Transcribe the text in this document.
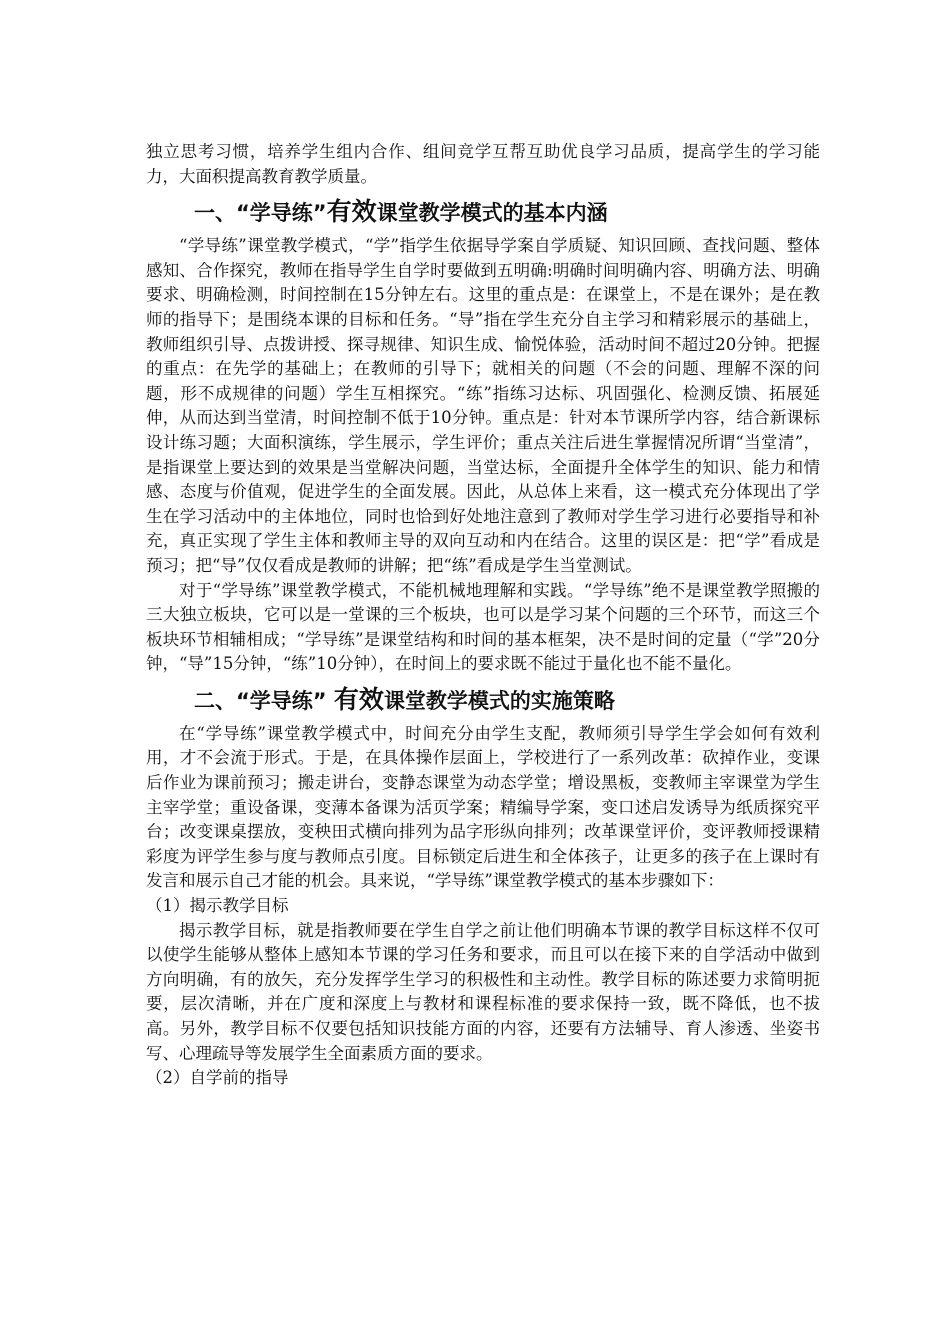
独立思考习惯，培养学生组内合作、组间竞学互帮互助优良学习品质，提高学生的学习能力，大面积提高教育教学质量。

一、“学导练”有效课堂教学模式的基本内涵

“学导练”课堂教学模式，“学”指学生依据导学案自学质疑、知识回顾、查找问题、整体感知、合作探究，教师在指导学生自学时要做到五明确:明确时间明确内容、明确方法、明确要求、明确检测，时间控制在15分钟左右。这里的重点是：在课堂上，不是在课外；是在教师的指导下；是围绕本课的目标和任务。“导”指在学生充分自主学习和精彩展示的基础上，教师组织引导、点拨讲授、探寻规律、知识生成、愉悦体验，活动时间不超过20分钟。把握的重点：在先学的基础上；在教师的引导下；就相关的问题（不会的问题、理解不深的问题，形不成规律的问题）学生互相探究。“练”指练习达标、巩固强化、检测反馈、拓展延伸，从而达到当堂清，时间控制不低于10分钟。重点是：针对本节课所学内容，结合新课标设计练习题；大面积演练，学生展示，学生评价；重点关注后进生掌握情况所谓“当堂清”，是指课堂上要达到的效果是当堂解决问题，当堂达标，全面提升全体学生的知识、能力和情感、态度与价值观，促进学生的全面发展。因此，从总体上来看，这一模式充分体现出了学生在学习活动中的主体地位，同时也恰到好处地注意到了教师对学生学习进行必要指导和补充，真正实现了学生主体和教师主导的双向互动和内在结合。这里的误区是：把“学”看成是预习；把“导”仅仅看成是教师的讲解；把“练”看成是学生当堂测试。

对于“学导练”课堂教学模式，不能机械地理解和实践。“学导练”绝不是课堂教学照搬的三大独立板块，它可以是一堂课的三个板块，也可以是学习某个问题的三个环节，而这三个板块环节相辅相成；“学导练”是课堂结构和时间的基本框架，决不是时间的定量（“学”20分钟，“导”15分钟，“练”10分钟），在时间上的要求既不能过于量化也不能不量化。

二、“学导练” 有效课堂教学模式的实施策略

在“学导练”课堂教学模式中，时间充分由学生支配，教师须引导学生学会如何有效利用，才不会流于形式。于是，在具体操作层面上，学校进行了一系列改革：砍掉作业，变课后作业为课前预习；搬走讲台，变静态课堂为动态学堂；增设黑板，变教师主宰课堂为学生主宰学堂；重设备课，变薄本备课为活页学案；精编导学案，变口述启发诱导为纸质探究平台；改变课桌摆放，变秧田式横向排列为品字形纵向排列；改革课堂评价，变评教师授课精彩度为评学生参与度与教师点引度。目标锁定后进生和全体孩子，让更多的孩子在上课时有发言和展示自己才能的机会。具来说，“学导练”课堂教学模式的基本步骤如下：

（1）揭示教学目标

揭示教学目标，就是指教师要在学生自学之前让他们明确本节课的教学目标这样不仅可以使学生能够从整体上感知本节课的学习任务和要求，而且可以在接下来的自学活动中做到方向明确，有的放矢，充分发挥学生学习的积极性和主动性。教学目标的陈述要力求简明扼要，层次清晰，并在广度和深度上与教材和课程标准的要求保持一致，既不降低，也不拔高。另外，教学目标不仅要包括知识技能方面的内容，还要有方法辅导、育人渗透、坐姿书写、心理疏导等发展学生全面素质方面的要求。

（2）自学前的指导
